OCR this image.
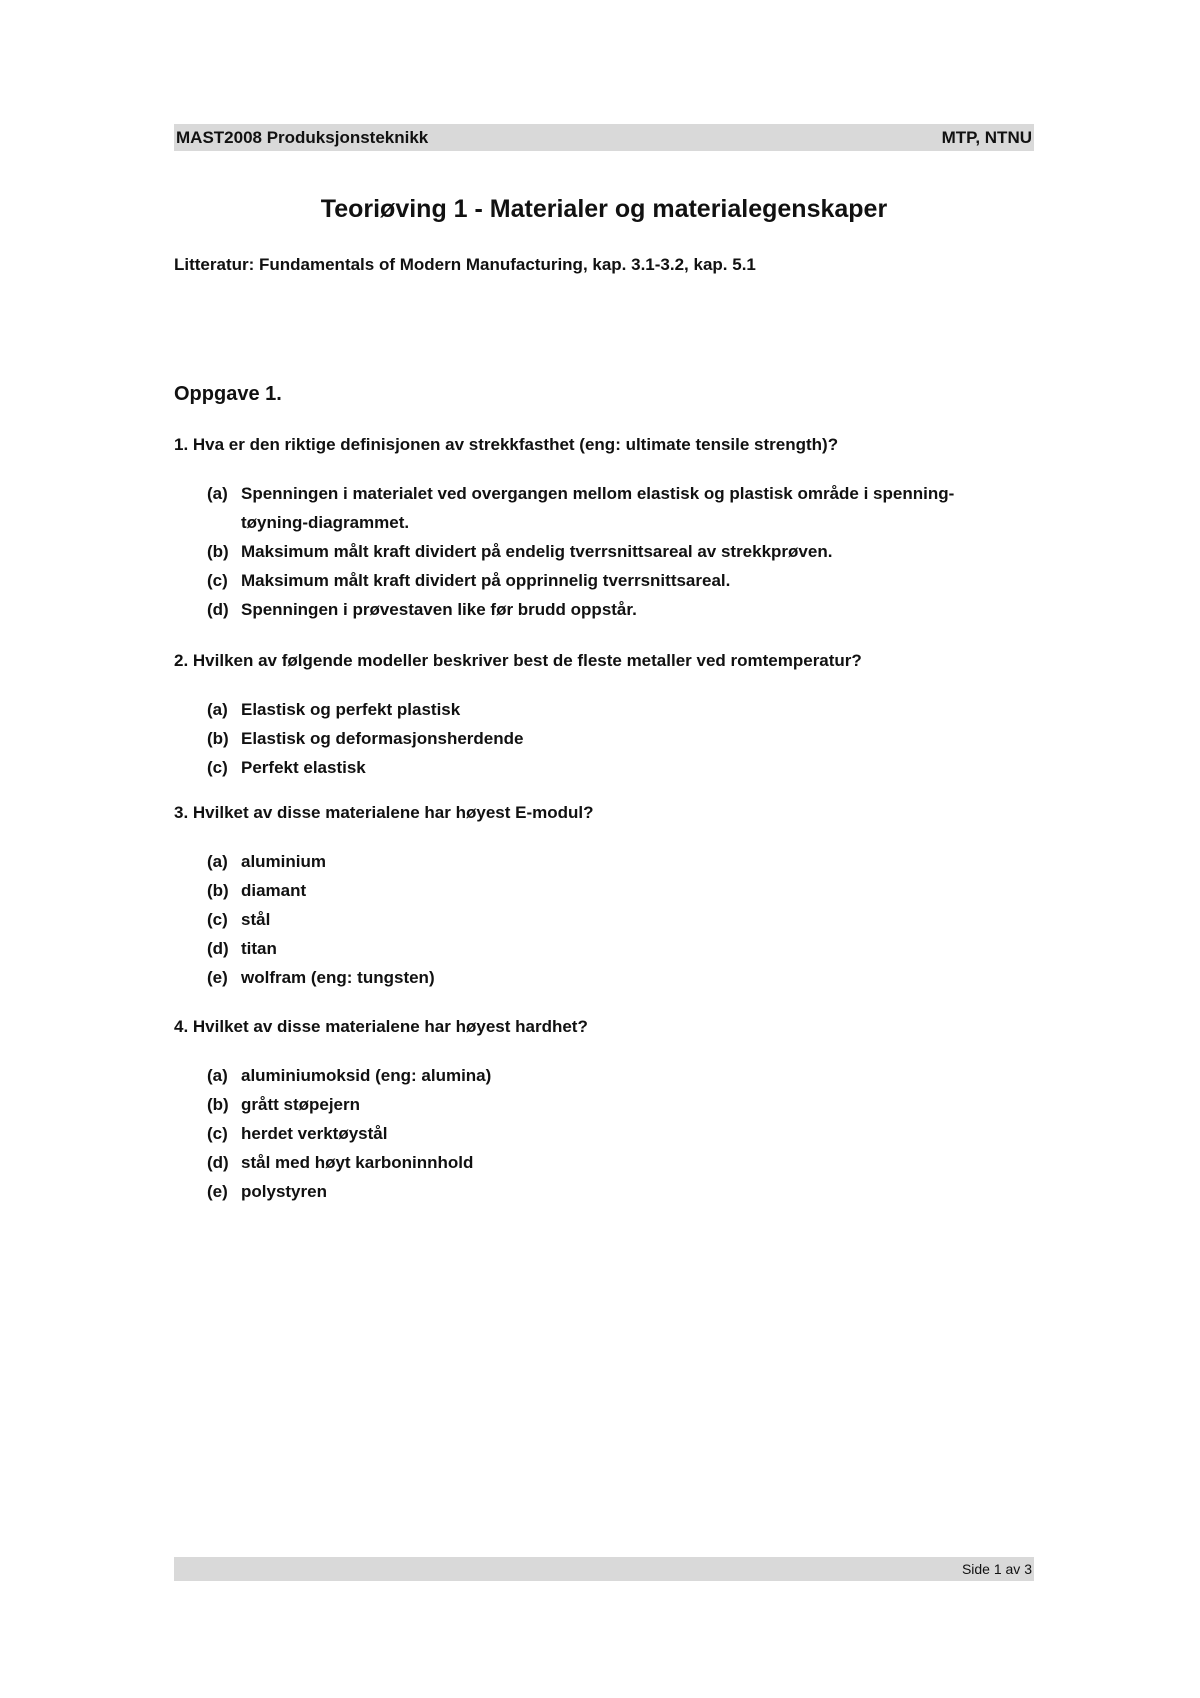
MAST2008 Produksjonsteknikk	MTP, NTNU
Teoriøving 1 - Materialer og materialegenskaper

Litteratur: Fundamentals of Modern Manufacturing, kap. 3.1-3.2, kap. 5.1

Oppgave 1.

1. Hva er den riktige definisjonen av strekkfasthet (eng: ultimate tensile strength)?

(a) Spenningen i materialet ved overgangen mellom elastisk og plastisk område i spenning-tøyning-diagrammet.
(b) Maksimum målt kraft dividert på endelig tverrsnittsareal av strekkprøven.
(c) Maksimum målt kraft dividert på opprinnelig tverrsnittsareal.
(d) Spenningen i prøvestaven like før brudd oppstår.

2. Hvilken av følgende modeller beskriver best de fleste metaller ved romtemperatur?

(a) Elastisk og perfekt plastisk
(b) Elastisk og deformasjonsherdende
(c) Perfekt elastisk

3. Hvilket av disse materialene har høyest E-modul?

(a) aluminium
(b) diamant
(c) stål
(d) titan
(e) wolfram (eng: tungsten)

4. Hvilket av disse materialene har høyest hardhet?

(a) aluminiumoksid (eng: alumina)
(b) grått støpejern
(c) herdet verktøystål
(d) stål med høyt karboninnhold
(e) polystyren
Side 1 av 3
